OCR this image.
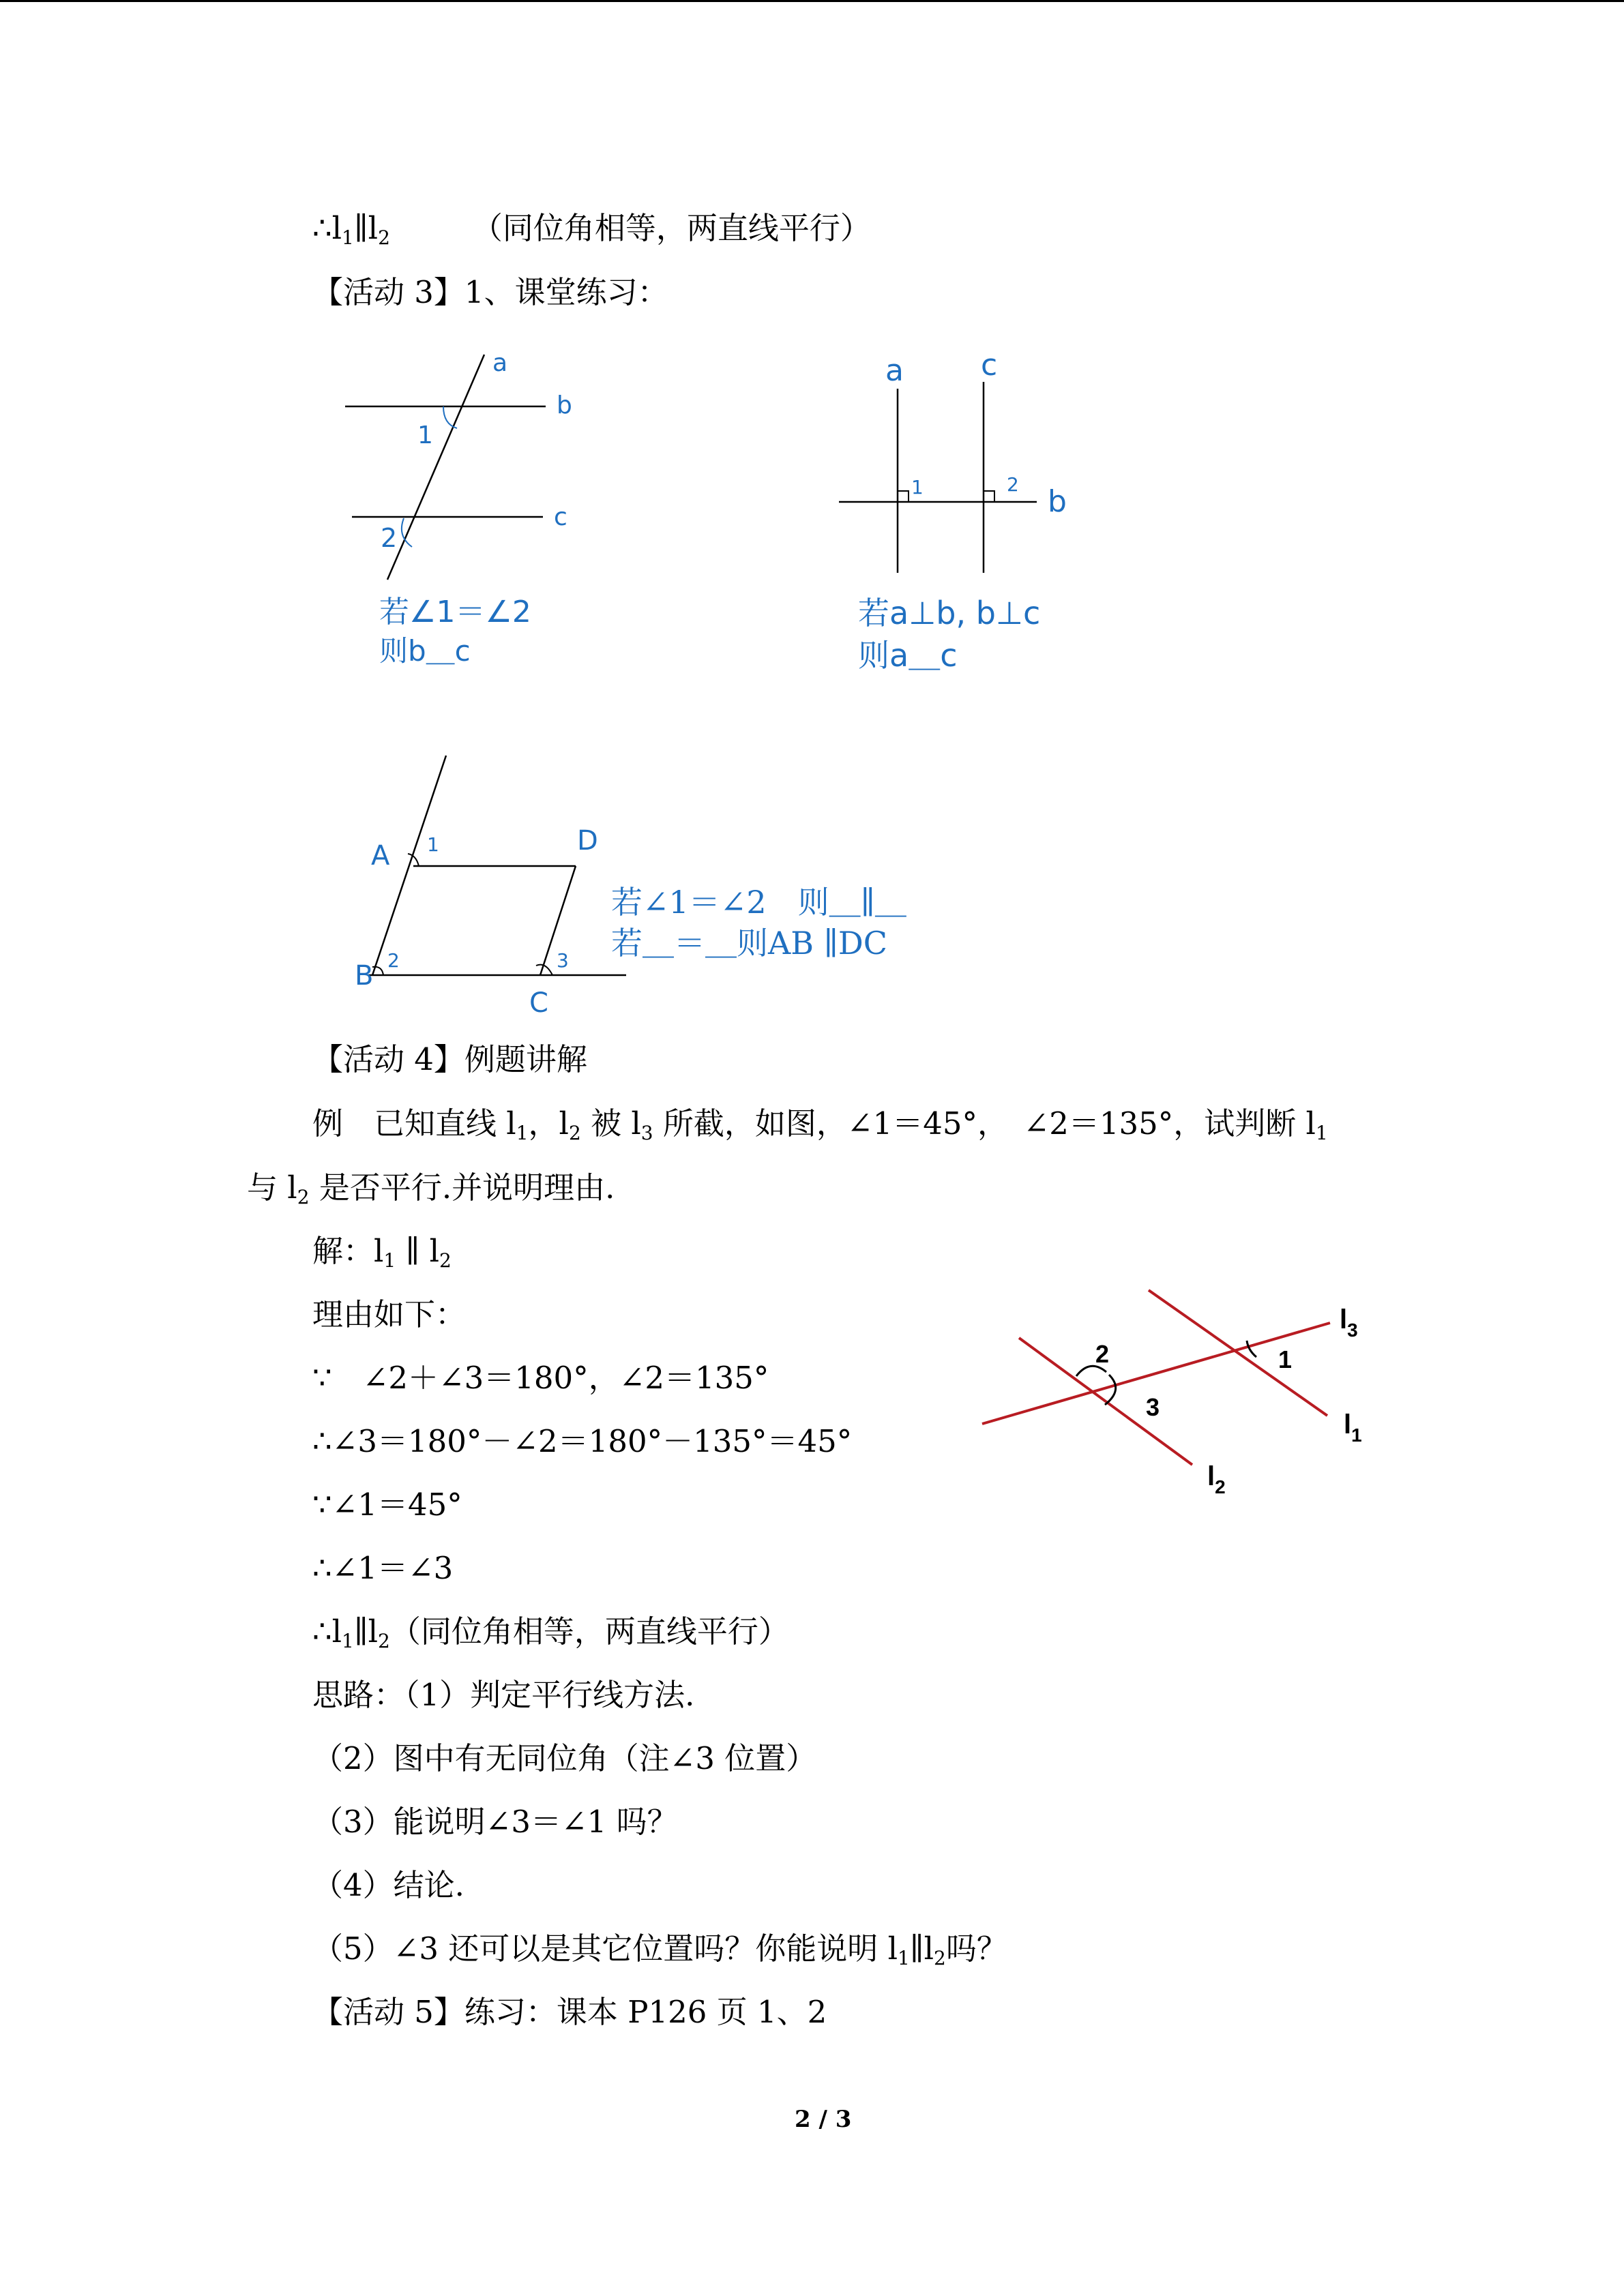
$\therefore l_1\parallel l_2$	（同位角相等，两直线平行）
【活动 3】1、课堂练习：
a
b
c
1
2
若∠1＝∠2
则b＿c
a	c
b
1	2
若a⊥b, b⊥c
则a＿c
A	D
B
C
1
2	3
若∠1＝∠2　则＿∥＿
若＿＝＿则AB ∥DC
【活动 4】例题讲解
例　已知直线 $l_1$，$l_2$ 被 $l_3$ 所截，如图，∠1＝45°，　∠2＝135°，试判断 $l_1$
与 $l_2$ 是否平行.并说明理由.
解：$l_1$ ∥ $l_2$
理由如下：
∵　∠2＋∠3＝180°，∠2＝135°
∴∠3＝180°－∠2＝180°－135°＝45°
∵∠1＝45°
∴∠1＝∠3
$\therefore l_1\parallel l_2$（同位角相等，两直线平行）
$l_3$
$l_1$
$l_2$
1
2
3
思路：（1）判定平行线方法.
（2）图中有无同位角（注∠3 位置）
（3）能说明∠3＝∠1 吗？
（4）结论.
（5）∠3 还可以是其它位置吗？你能说明 $l_1\parallel l_2$吗？
【活动 5】练习：课本 P126 页 1、2
2 / 3
